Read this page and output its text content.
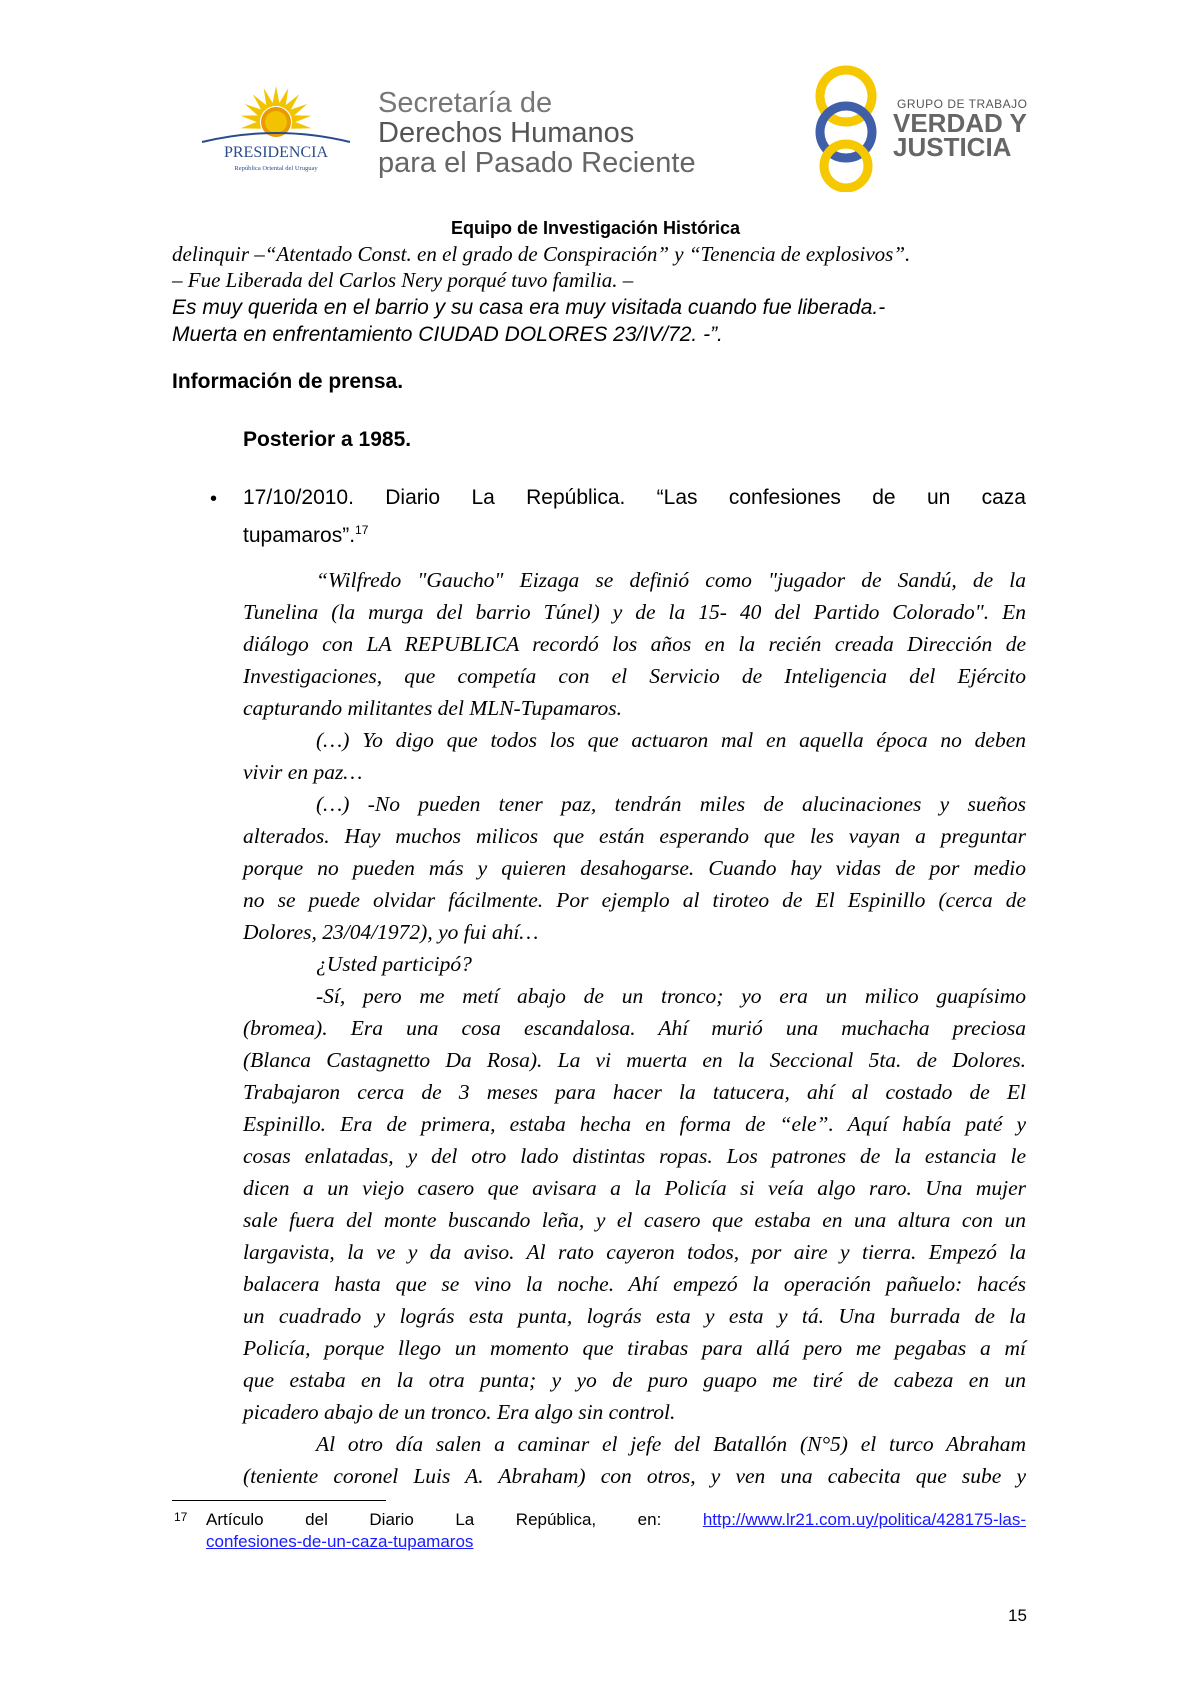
PRESIDENCIA
República Oriental del Uruguay
Secretaría de
Derechos Humanos
para el Pasado Reciente
GRUPO DE TRABAJO
VERDAD Y
JUSTICIA
Equipo de Investigación Histórica
delinquir –“Atentado Const. en el grado de Conspiración” y “Tenencia de explosivos”.
– Fue Liberada del Carlos Nery porqué tuvo familia. –
Es muy querida en el barrio y su casa era muy visitada cuando fue liberada.-
Muerta en enfrentamiento CIUDAD DOLORES 23/IV/72. -”.
Información de prensa.
Posterior a 1985.
• 17/10/2010. Diario La República. “Las confesiones de un caza
tupamaros”.$^{17}$
“Wilfredo "Gaucho" Eizaga se definió como "jugador de Sandú, de la
Tunelina (la murga del barrio Túnel) y de la 15- 40 del Partido Colorado". En
diálogo con LA REPUBLICA recordó los años en la recién creada Dirección de
Investigaciones, que competía con el Servicio de Inteligencia del Ejército
capturando militantes del MLN-Tupamaros.
(…) Yo digo que todos los que actuaron mal en aquella época no deben
vivir en paz…
(…) -No pueden tener paz, tendrán miles de alucinaciones y sueños
alterados. Hay muchos milicos que están esperando que les vayan a preguntar
porque no pueden más y quieren desahogarse. Cuando hay vidas de por medio
no se puede olvidar fácilmente. Por ejemplo al tiroteo de El Espinillo (cerca de
Dolores, 23/04/1972), yo fui ahí…
¿Usted participó?
-Sí, pero me metí abajo de un tronco; yo era un milico guapísimo
(bromea). Era una cosa escandalosa. Ahí murió una muchacha preciosa
(Blanca Castagnetto Da Rosa). La vi muerta en la Seccional 5ta. de Dolores.
Trabajaron cerca de 3 meses para hacer la tatucera, ahí al costado de El
Espinillo. Era de primera, estaba hecha en forma de “ele”. Aquí había paté y
cosas enlatadas, y del otro lado distintas ropas. Los patrones de la estancia le
dicen a un viejo casero que avisara a la Policía si veía algo raro. Una mujer
sale fuera del monte buscando leña, y el casero que estaba en una altura con un
largavista, la ve y da aviso. Al rato cayeron todos, por aire y tierra. Empezó la
balacera hasta que se vino la noche. Ahí empezó la operación pañuelo: hacés
un cuadrado y lográs esta punta, lográs esta y esta y tá. Una burrada de la
Policía, porque llego un momento que tirabas para allá pero me pegabas a mí
que estaba en la otra punta; y yo de puro guapo me tiré de cabeza en un
picadero abajo de un tronco. Era algo sin control.
Al otro día salen a caminar el jefe del Batallón (N°5) el turco Abraham
(teniente coronel Luis A. Abraham) con otros, y ven una cabecita que sube y
17 Artículo del Diario La República, en: http://www.lr21.com.uy/politica/428175-las-
confesiones-de-un-caza-tupamaros
15
